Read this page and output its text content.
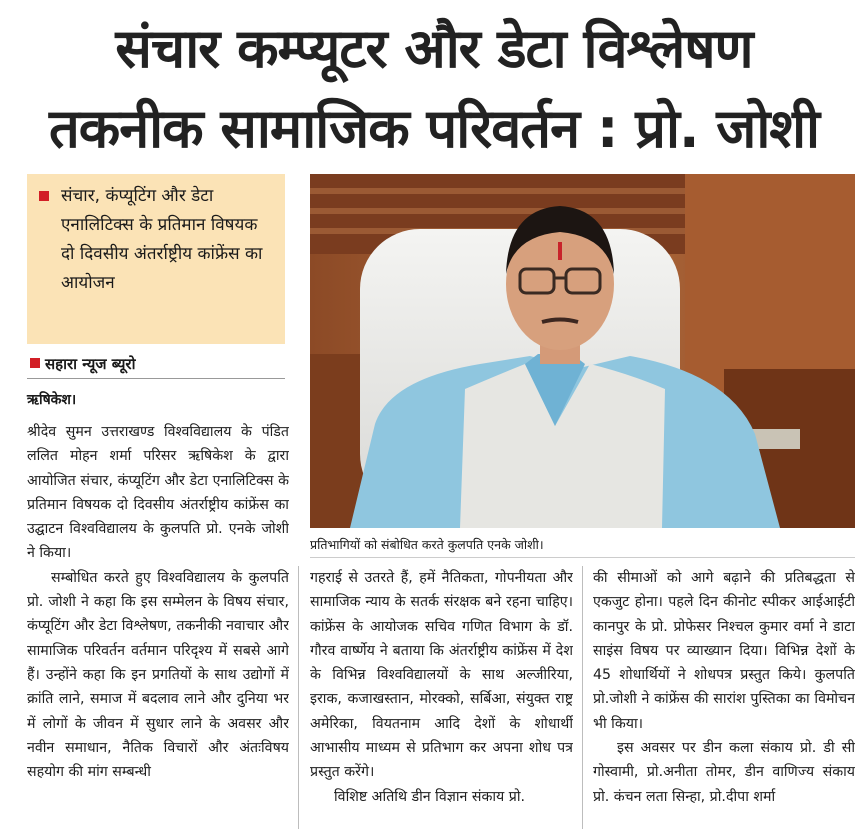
संचार कम्प्यूटर और डेटा विश्लेषण
तकनीक सामाजिक परिवर्तन : प्रो. जोशी
संचार, कंप्यूटिंग और डेटा एनालिटिक्स के प्रतिमान विषयक दो दिवसीय अंतर्राष्ट्रीय कांफ्रेंस का आयोजन
सहारा न्यूज ब्यूरो
ऋषिकेश।

श्रीदेव सुमन उत्तराखण्ड विश्वविद्यालय के पंडित ललित मोहन शर्मा परिसर ऋषिकेश के द्वारा आयोजित संचार, कंप्यूटिंग और डेटा एनालिटिक्स के प्रतिमान विषयक दो दिवसीय अंतर्राष्ट्रीय कांफ्रेंस का उद्घाटन विश्वविद्यालय के कुलपति प्रो. एनके जोशी ने किया।

सम्बोधित करते हुए विश्वविद्यालय के कुलपति प्रो. जोशी ने कहा कि इस सम्मेलन के विषय संचार, कंप्यूटिंग और डेटा विश्लेषण, तकनीकी नवाचार और सामाजिक परिवर्तन वर्तमान परिदृश्य में सबसे आगे हैं। उन्होंने कहा कि इन प्रगतियों के साथ उद्योगों में क्रांति लाने, समाज में बदलाव लाने और दुनिया भर में लोगों के जीवन में सुधार लाने के अवसर और नवीन समाधान, नैतिक विचारों और अंतःविषय सहयोग की मांग सम्बन्धी

प्रतिभागियों को संबोधित करते कुलपति एनके जोशी।

गहराई से उतरते हैं, हमें नैतिकता, गोपनीयता और सामाजिक न्याय के सतर्क संरक्षक बने रहना चाहिए। कांफ्रेंस के आयोजक सचिव गणित विभाग के डॉ. गौरव वार्ष्णेय ने बताया कि अंतर्राष्ट्रीय कांफ्रेंस में देश के विभिन्न विश्वविद्यालयों के साथ अल्जीरिया, इराक, कजाखस्तान, मोरक्को, सर्बिआ, संयुक्त राष्ट्र अमेरिका, वियतनाम आदि देशों के शोधार्थी आभासीय माध्यम से प्रतिभाग कर अपना शोध पत्र प्रस्तुत करेंगे।

विशिष्ट अतिथि डीन विज्ञान संकाय प्रो.

की सीमाओं को आगे बढ़ाने की प्रतिबद्धता से एकजुट होना। पहले दिन कीनोट स्पीकर आईआईटी कानपुर के प्रो. प्रोफेसर निश्चल कुमार वर्मा ने डाटा साइंस विषय पर व्याख्यान दिया। विभिन्न देशों के 45 शोधार्थियों ने शोधपत्र प्रस्तुत किये। कुलपति प्रो.जोशी ने कांफ्रेंस की सारांश पुस्तिका का विमोचन भी किया।

इस अवसर पर डीन कला संकाय प्रो. डी सी गोस्वामी, प्रो.अनीता तोमर, डीन वाणिज्य संकाय प्रो. कंचन लता सिन्हा, प्रो.दीपा शर्मा
